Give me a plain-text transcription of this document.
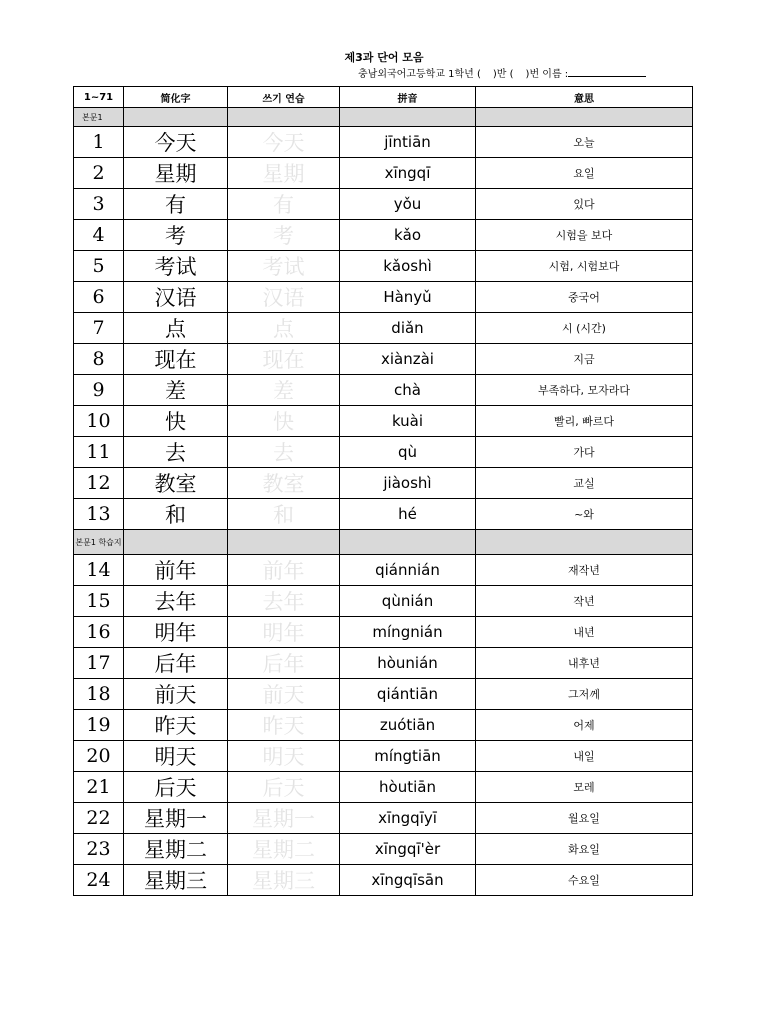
제3과 단어 모음
충남외국어고등학교 1학년 ( )반 ( )번 이름 :
1~71	简化字	쓰기 연습	拼音	意思
본문1				
1	今天	今天	jīntiān	오늘
2	星期	星期	xīngqī	요일
3	有	有	yǒu	있다
4	考	考	kǎo	시험을 보다
5	考试	考试	kǎoshì	시험, 시험보다
6	汉语	汉语	Hànyǔ	중국어
7	点	点	diǎn	시 (시간)
8	现在	现在	xiànzài	지금
9	差	差	chà	부족하다, 모자라다
10	快	快	kuài	빨리, 빠르다
11	去	去	qù	가다
12	教室	教室	jiàoshì	교실
13	和	和	hé	~와
본문1 학습지				
14	前年	前年	qiánnián	재작년
15	去年	去年	qùnián	작년
16	明年	明年	míngnián	내년
17	后年	后年	hòunián	내후년
18	前天	前天	qiántiān	그저께
19	昨天	昨天	zuótiān	어제
20	明天	明天	míngtiān	내일
21	后天	后天	hòutiān	모레
22	星期一	星期一	xīngqīyī	월요일
23	星期二	星期二	xīngqī'èr	화요일
24	星期三	星期三	xīngqīsān	수요일
